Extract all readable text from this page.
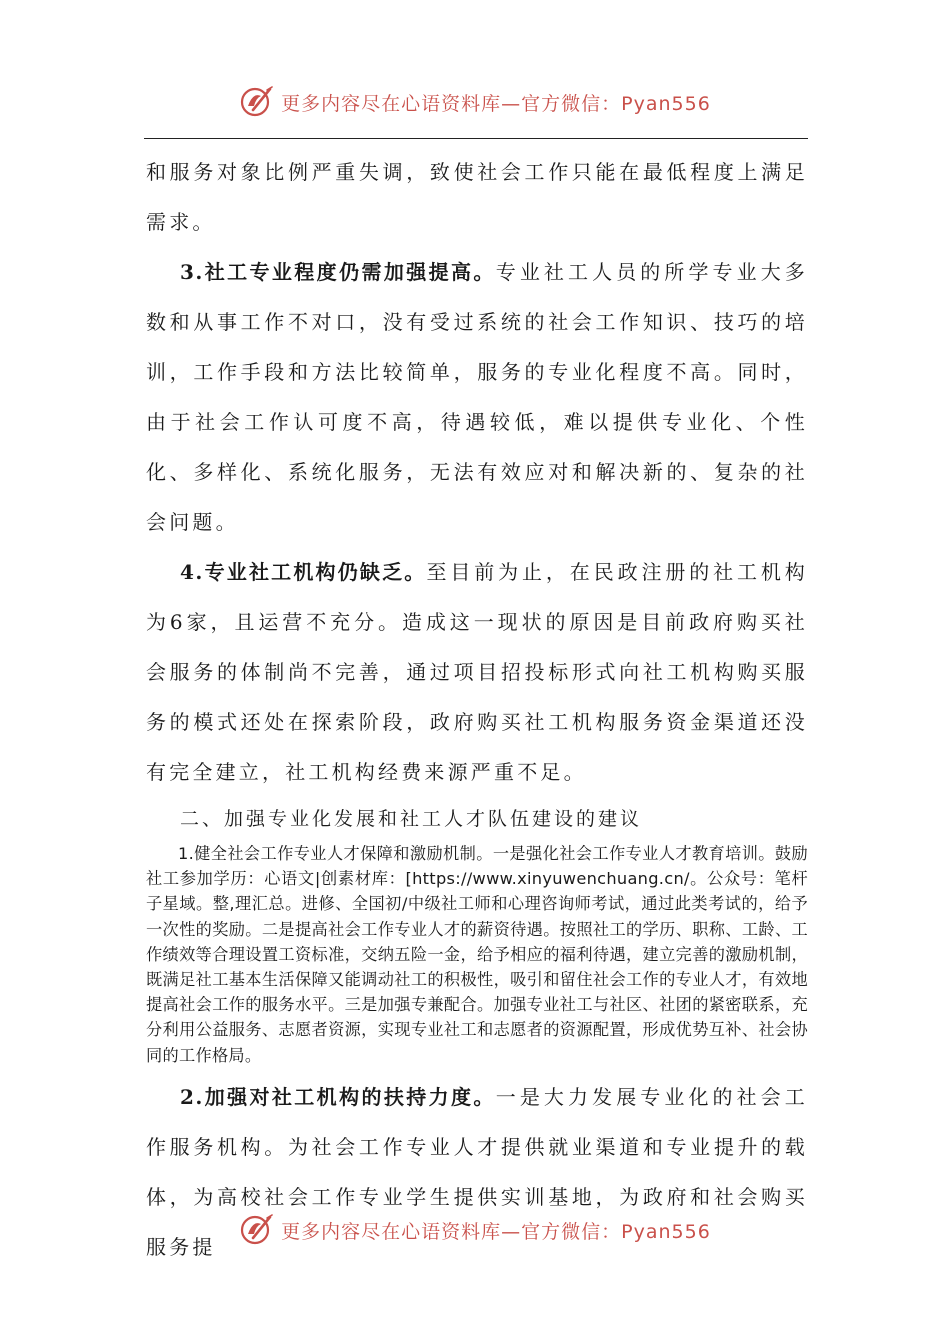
更多内容尽在心语资料库—官方微信：Pyan556

和服务对象比例严重失调，致使社会工作只能在最低程度上满足需求。

3.社工专业程度仍需加强提高。专业社工人员的所学专业大多数和从事工作不对口，没有受过系统的社会工作知识、技巧的培训，工作手段和方法比较简单，服务的专业化程度不高。同时，由于社会工作认可度不高，待遇较低，难以提供专业化、个性化、多样化、系统化服务，无法有效应对和解决新的、复杂的社会问题。

4.专业社工机构仍缺乏。至目前为止，在民政注册的社工机构为6家，且运营不充分。造成这一现状的原因是目前政府购买社会服务的体制尚不完善，通过项目招投标形式向社工机构购买服务的模式还处在探索阶段，政府购买社工机构服务资金渠道还没有完全建立，社工机构经费来源严重不足。

二、加强专业化发展和社工人才队伍建设的建议

1.健全社会工作专业人才保障和激励机制。一是强化社会工作专业人才教育培训。鼓励社工参加学历：心语文|创素材库：[https://www.xinyuwenchuang.cn/。公众号：笔杆子星域。整,理汇总。进修、全国初/中级社工师和心理咨询师考试，通过此类考试的，给予一次性的奖励。二是提高社会工作专业人才的薪资待遇。按照社工的学历、职称、工龄、工作绩效等合理设置工资标准，交纳五险一金，给予相应的福利待遇，建立完善的激励机制，既满足社工基本生活保障又能调动社工的积极性，吸引和留住社会工作的专业人才，有效地提高社会工作的服务水平。三是加强专兼配合。加强专业社工与社区、社团的紧密联系，充分利用公益服务、志愿者资源，实现专业社工和志愿者的资源配置，形成优势互补、社会协同的工作格局。

2.加强对社工机构的扶持力度。一是大力发展专业化的社会工作服务机构。为社会工作专业人才提供就业渠道和专业提升的载体，为高校社会工作专业学生提供实训基地，为政府和社会购买服务提

更多内容尽在心语资料库—官方微信：Pyan556
